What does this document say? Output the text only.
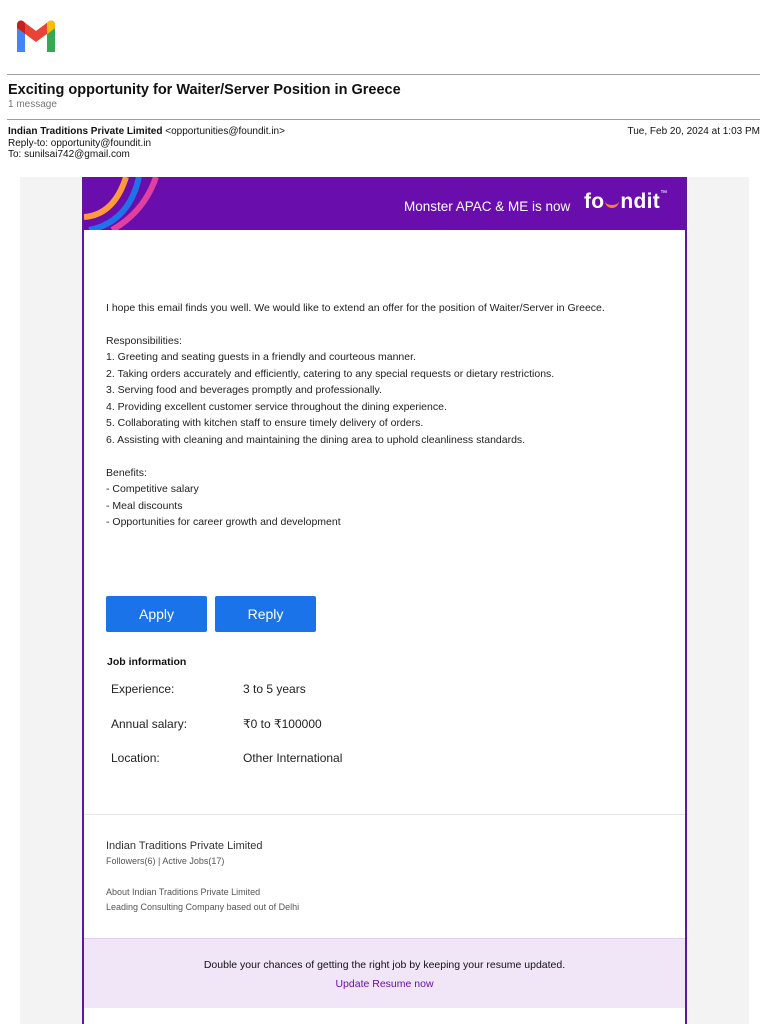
Exciting opportunity for Waiter/Server Position in Greece
1 message
Indian Traditions Private Limited <opportunities@foundit.in>
Reply-to: opportunity@foundit.in
To: sunilsai742@gmail.com
Tue, Feb 20, 2024 at 1:03 PM
Monster APAC & ME is now fo ndit™
I hope this email finds you well. We would like to extend an offer for the position of Waiter/Server in Greece.
Responsibilities:
1. Greeting and seating guests in a friendly and courteous manner.
2. Taking orders accurately and efficiently, catering to any special requests or dietary restrictions.
3. Serving food and beverages promptly and professionally.
4. Providing excellent customer service throughout the dining experience.
5. Collaborating with kitchen staff to ensure timely delivery of orders.
6. Assisting with cleaning and maintaining the dining area to uphold cleanliness standards.
Benefits:
- Competitive salary
- Meal discounts
- Opportunities for career growth and development
Apply	Reply
Job information
Experience:	3 to 5 years
Annual salary:	₹0 to ₹100000
Location:	Other International
Indian Traditions Private Limited
Followers(6) | Active Jobs(17)
About Indian Traditions Private Limited
Leading Consulting Company based out of Delhi
Double your chances of getting the right job by keeping your resume updated.
Update Resume now
